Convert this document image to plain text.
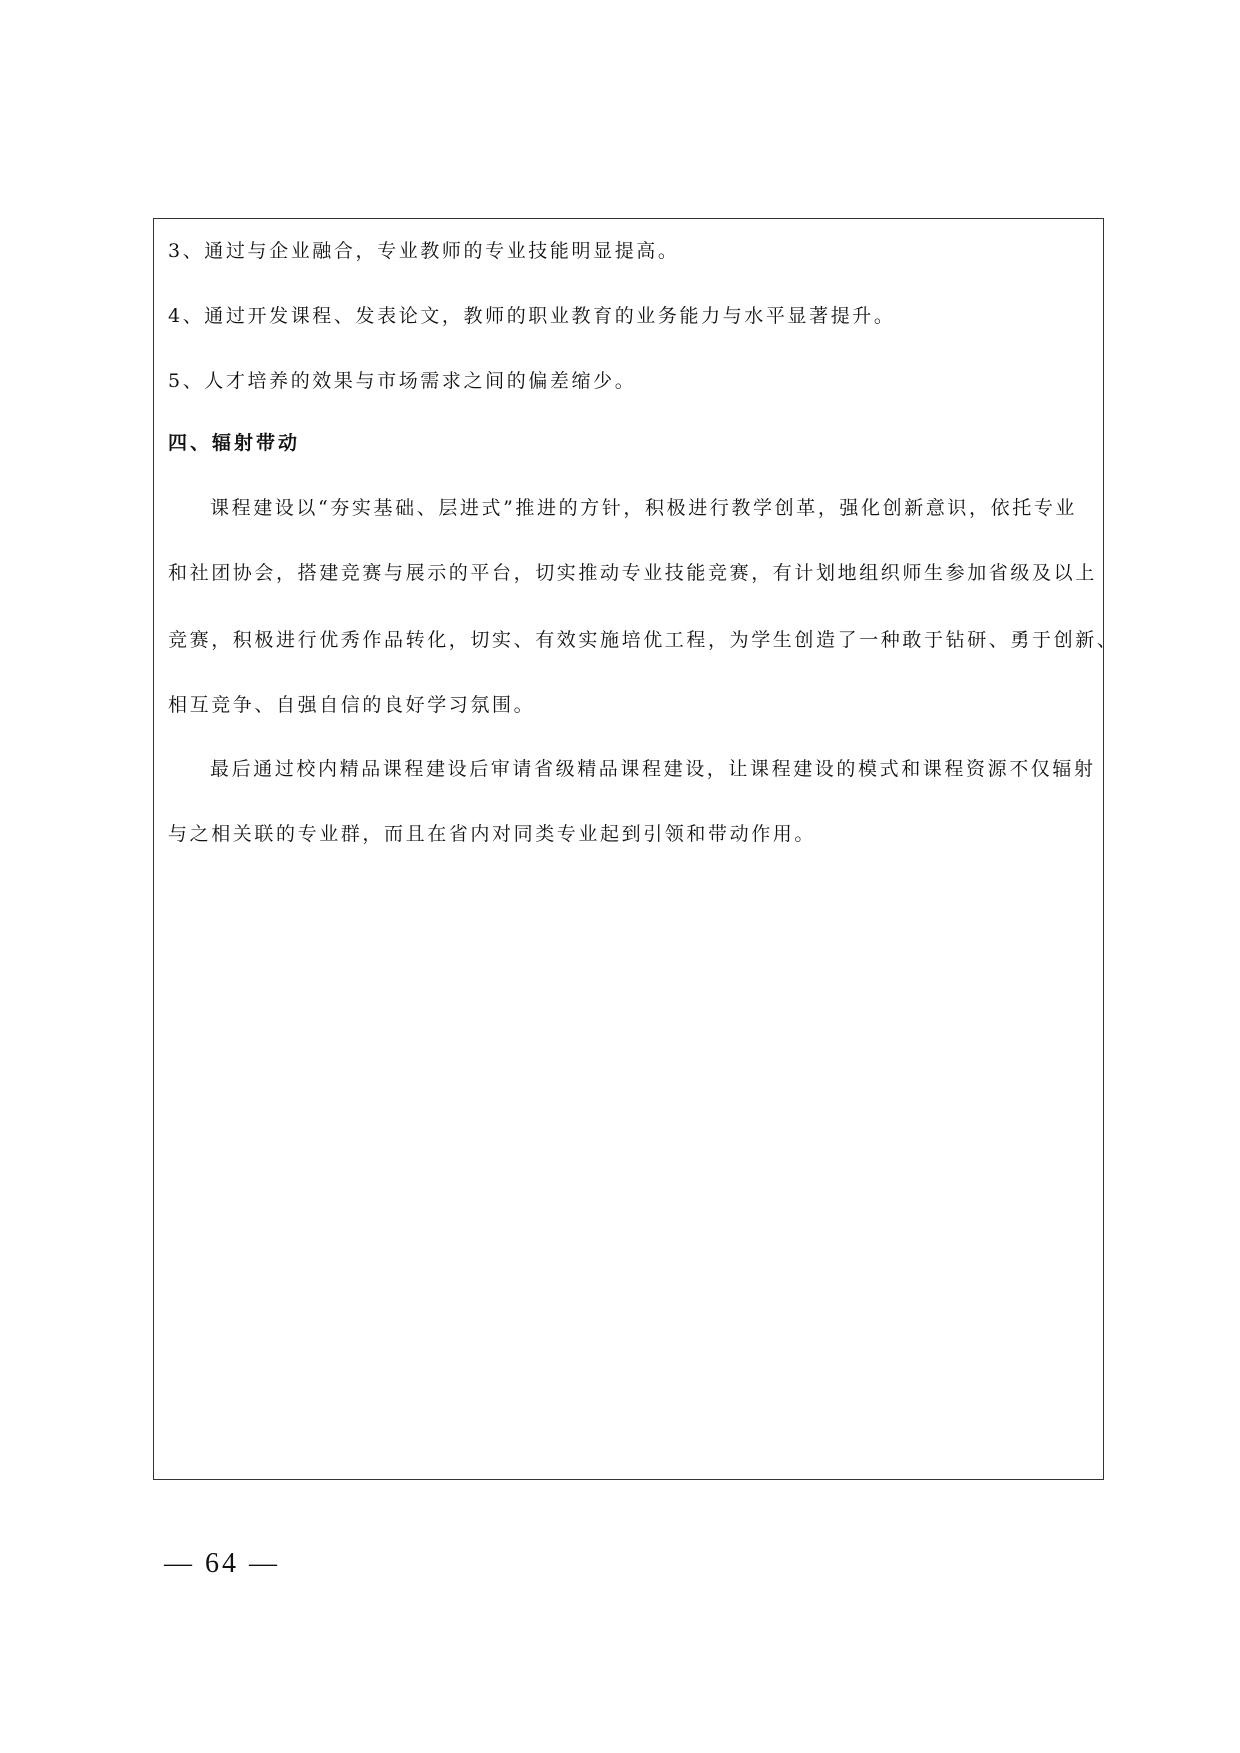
3、通过与企业融合，专业教师的专业技能明显提高。
4、通过开发课程、发表论文，教师的职业教育的业务能力与水平显著提升。
5、人才培养的效果与市场需求之间的偏差缩少。
四、辐射带动
课程建设以“夯实基础、层进式”推进的方针，积极进行教学创革，强化创新意识，依托专业
和社团协会，搭建竞赛与展示的平台，切实推动专业技能竞赛，有计划地组织师生参加省级及以上
竞赛，积极进行优秀作品转化，切实、有效实施培优工程，为学生创造了一种敢于钻研、勇于创新、
相互竞争、自强自信的良好学习氛围。
最后通过校内精品课程建设后审请省级精品课程建设，让课程建设的模式和课程资源不仅辐射
与之相关联的专业群，而且在省内对同类专业起到引领和带动作用。
— 64 —
